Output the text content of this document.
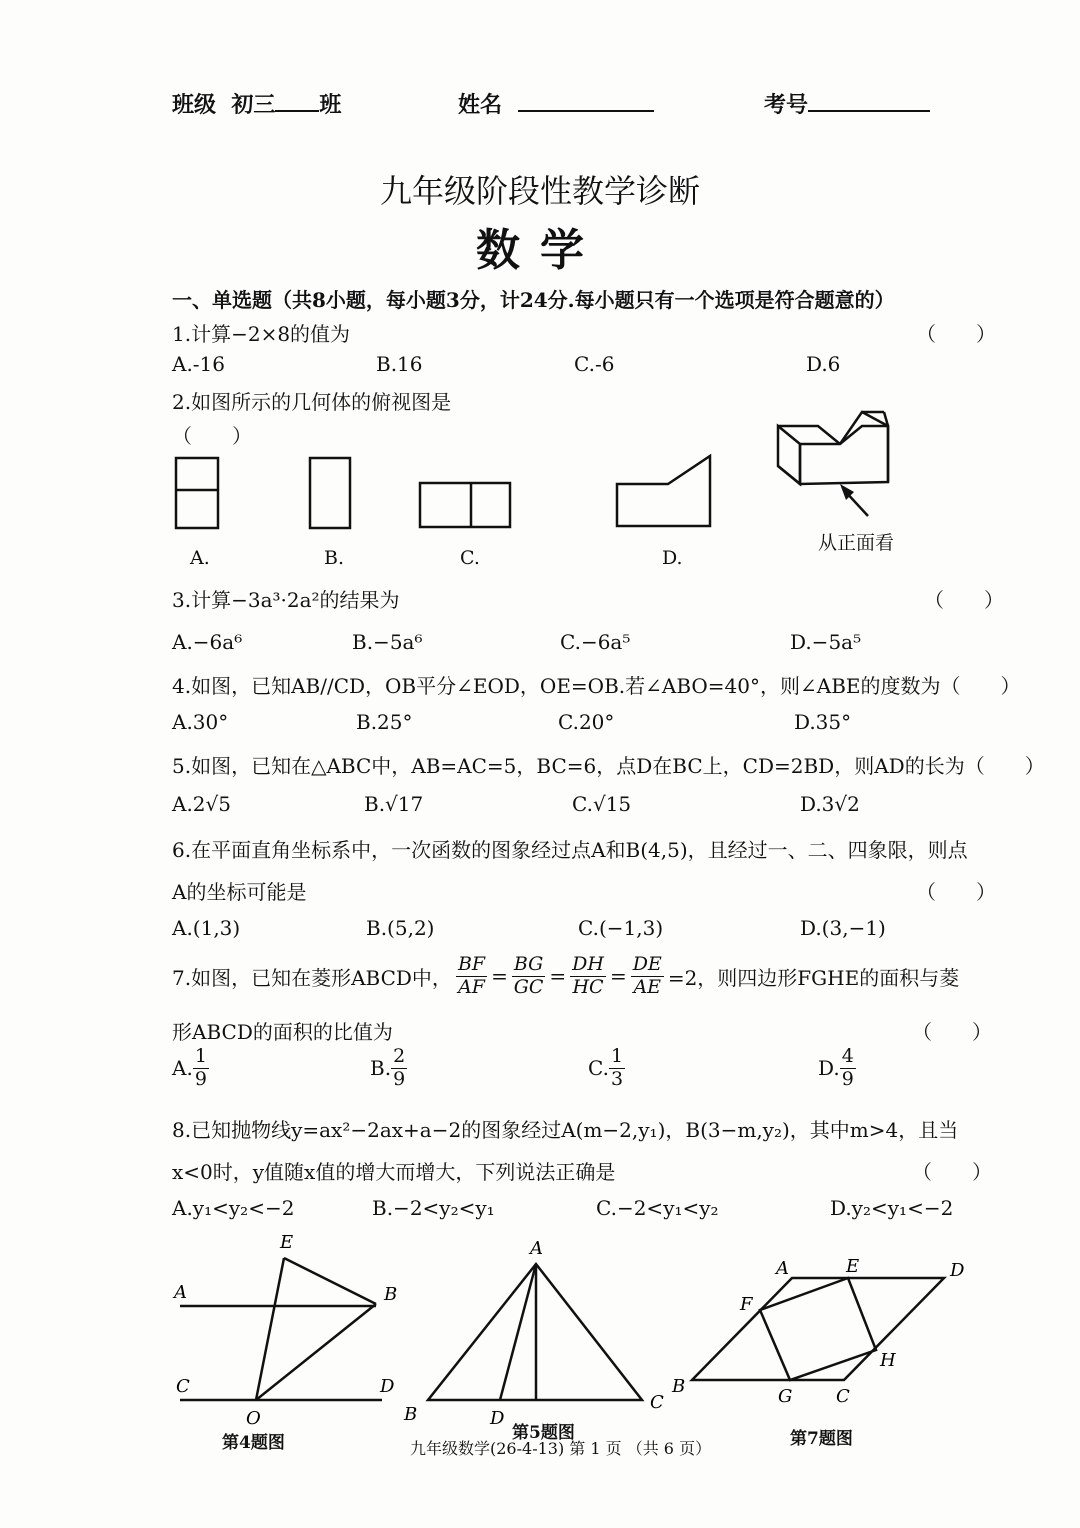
班级 初三 班	姓名	考号
九年级阶段性教学诊断
数学
一、单选题（共8小题，每小题3分，计24分.每小题只有一个选项是符合题意的）
1.计算−2×8的值为	（　　）
A.-16	B.16	C.-6	D.6
2.如图所示的几何体的俯视图是
（　　）
A.	B.	C.	D.
从正面看
3.计算−3a³·2a²的结果为	（　　）
A.−6a⁶	B.−5a⁶	C.−6a⁵	D.−5a⁵
4.如图，已知AB//CD，OB平分∠EOD，OE=OB.若∠ABO=40°，则∠ABE的度数为（　　）
A.30°	B.25°	C.20°	D.35°
5.如图，已知在△ABC中，AB=AC=5，BC=6，点D在BC上，CD=2BD，则AD的长为（　　）
A.2√5	B.√17	C.√15	D.3√2
6.在平面直角坐标系中，一次函数的图象经过点A和B(4,5)，且经过一、二、四象限，则点
A的坐标可能是	（　　）
A.(1,3)	B.(5,2)	C.(−1,3)	D.(3,−1)
7.如图，已知在菱形ABCD中， $\frac{BF}{AF} = \frac{BG}{GC} = \frac{DH}{HC} = \frac{DE}{AE} =2$，则四边形FGHE的面积与菱
形ABCD的面积的比值为	（　　）
A. $\frac{1}{9}$	B. $\frac{2}{9}$	C. $\frac{1}{3}$	D. $\frac{4}{9}$
8.已知抛物线y=ax²−2ax+a−2的图象经过A(m−2,y₁)，B(3−m,y₂)，其中m>4，且当
x<0时，y值随x值的增大而增大，下列说法正确是	（　　）
A.y₁<y₂<−2	B.−2<y₂<y₁	C.−2<y₁<y₂	D.y₂<y₁<−2
E
A	B
C	D
O
第4题图
A
B	D
C
第5题图
A	E	D
F
H
B	G C
第7题图
九年级数学(26-4-13) 第 1 页 （共 6 页）
